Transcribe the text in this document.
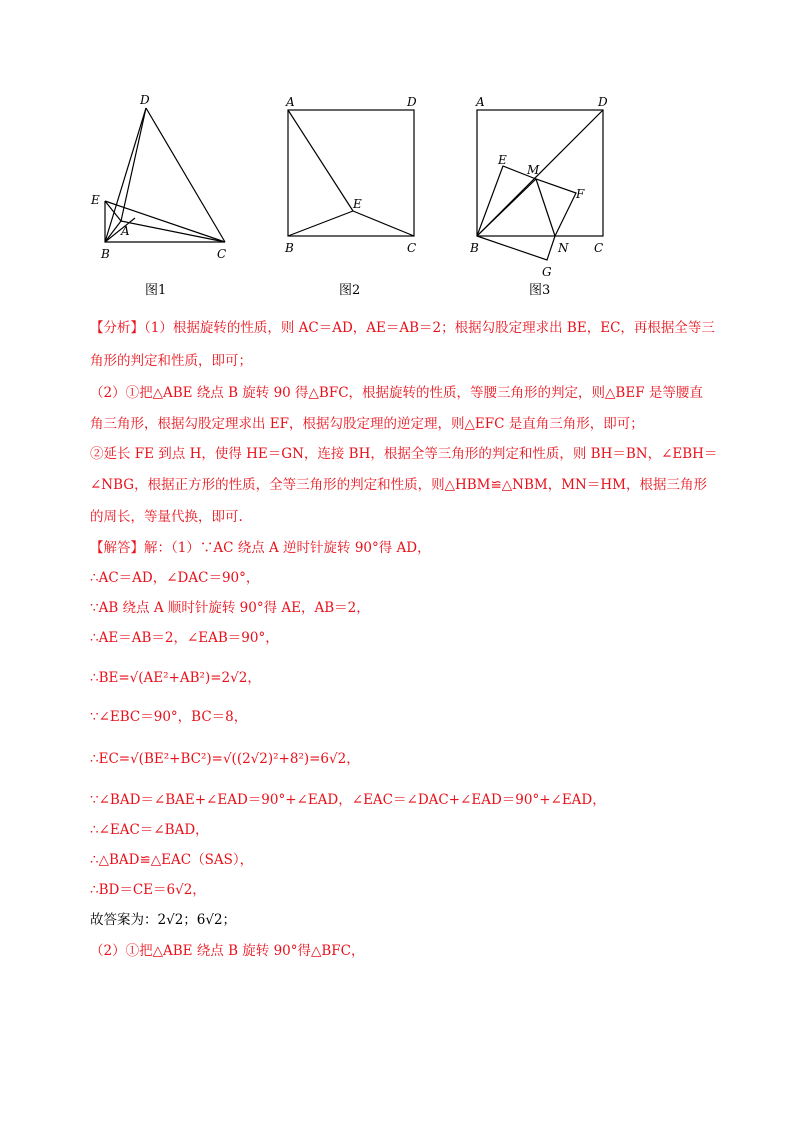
D
E
A
B	C
图1
A	D
E
B	C
图2
A	D
E
M
F
B	N C
G
图3
【分析】（1）根据旋转的性质，则 AC＝AD，AE＝AB＝2；根据勾股定理求出 BE，EC，再根据全等三
角形的判定和性质，即可；
（2）①把△ABE 绕点 B 旋转 90 得△BFC，根据旋转的性质，等腰三角形的判定，则△BEF 是等腰直
角三角形，根据勾股定理求出 EF，根据勾股定理的逆定理，则△EFC 是直角三角形，即可；
②延长 FE 到点 H，使得 HE＝GN，连接 BH，根据全等三角形的判定和性质，则 BH＝BN，∠EBH＝
∠NBG，根据正方形的性质，全等三角形的判定和性质，则△HBM≌△NBM，MN＝HM，根据三角形
的周长，等量代换，即可.
【解答】解：（1）∵AC 绕点 A 逆时针旋转 90°得 AD，
∴AC＝AD，∠DAC＝90°，
∵AB 绕点 A 顺时针旋转 90°得 AE，AB＝2，
∴AE＝AB＝2，∠EAB＝90°，
∴BE=√(AE²+AB²)=2√2，
∵∠EBC＝90°，BC＝8，
∴EC=√(BE²+BC²)=√((2√2)²+8²)=6√2，
∵∠BAD＝∠BAE+∠EAD＝90°+∠EAD，∠EAC＝∠DAC+∠EAD＝90°+∠EAD，
∴∠EAC＝∠BAD，
∴△BAD≌△EAC（SAS），
∴BD＝CE＝6√2，
故答案为：2√2；6√2；
（2）①把△ABE 绕点 B 旋转 90°得△BFC，
